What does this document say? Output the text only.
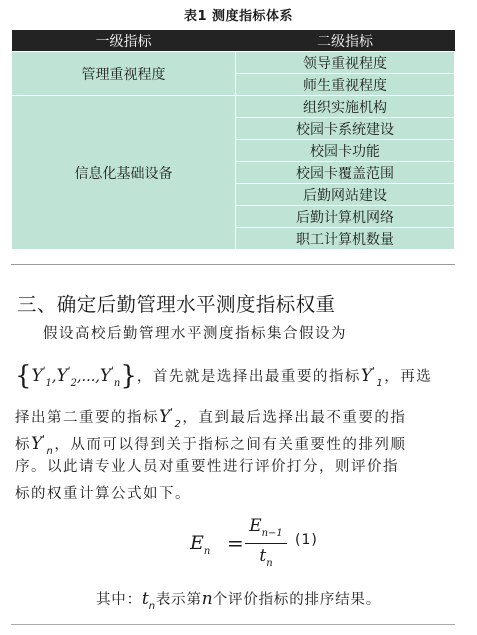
表1 测度指标体系
一级指标	二级指标
管理重视程度	领导重视程度
	师生重视程度
信息化基础设备	组织实施机构
	校园卡系统建设
	校园卡功能
	校园卡覆盖范围
	后勤网站建设
	后勤计算机网络
	职工计算机数量
三、确定后勤管理水平测度指标权重
假设高校后勤管理水平测度指标集合假设为
$\{Y'_1,Y'_2,...,Y'_n\}$，首先就是选择出最重要的指标$Y'_1$，再选
择出第二重要的指标$Y'_2$，直到最后选择出最不重要的指
标$Y'_n$，从而可以得到关于指标之间有关重要性的排列顺
序。以此请专业人员对重要性进行评价打分，则评价指
标的权重计算公式如下。
$E_n$ =
$E_{n-1}$
$t_n$
(1)
其中：$t_n$表示第n个评价指标的排序结果。
